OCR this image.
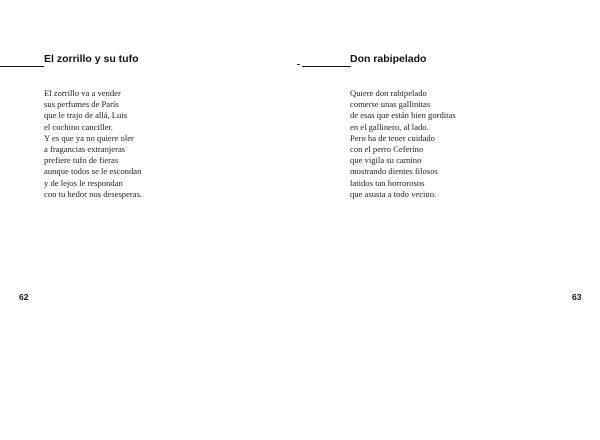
El zorrillo y su tufo
El zorrillo va a vender
sus perfumes de París
que le trajo de allá, Luis
el cochino canciller.
Y es que ya no quiere oler
a fragancias extranjeras
prefiere tufo de fieras
aunque todos se le escondan
y de lejos le respondan
con tu hedor nos desesperas.
62
Don rabipelado
Quiere don rabipelado
comerse unas gallinitas
de esas que están bien gorditas
en el gallinero, al lado.
Pero ha de tener cuidado
con el perro Ceferino
que vigila su camino
mostrando dientes filosos
latidos tan horrorosos
que asusta a todo vecino.
63
